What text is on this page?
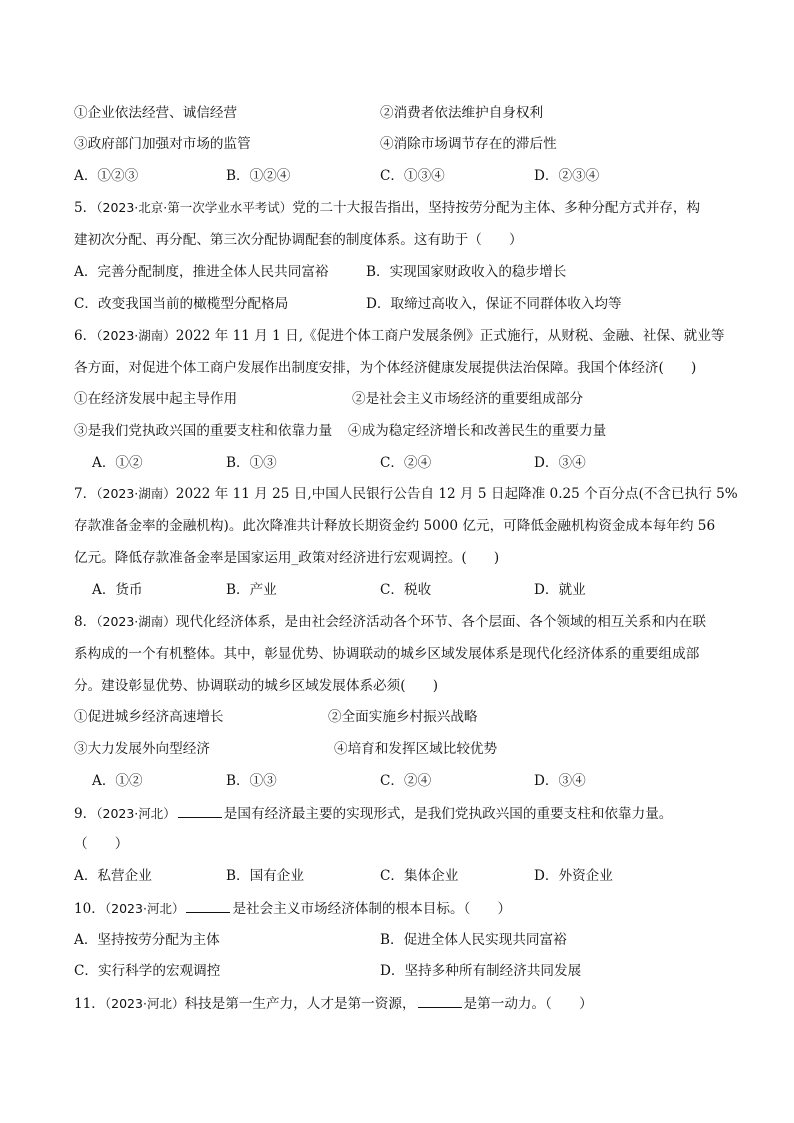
①企业依法经营、诚信经营	②消费者依法维护自身权利
③政府部门加强对市场的监管	④消除市场调节存在的滞后性
A．①②③	B．①②④	C．①③④	D．②③④
5．（2023·北京·第一次学业水平考试）党的二十大报告指出，坚持按劳分配为主体、多种分配方式并存，构
建初次分配、再分配、第三次分配协调配套的制度体系。这有助于（　　）
A．完善分配制度，推进全体人民共同富裕	B．实现国家财政收入的稳步增长
C．改变我国当前的橄榄型分配格局	D．取缔过高收入，保证不同群体收入均等
6．（2023·湖南）2022 年 11 月 1 日,《促进个体工商户发展条例》正式施行，从财税、金融、社保、就业等
各方面，对促进个体工商户发展作出制度安排，为个体经济健康发展提供法治保障。我国个体经济(　　)
①在经济发展中起主导作用	②是社会主义市场经济的重要组成部分
③是我们党执政兴国的重要支柱和依靠力量 ④成为稳定经济增长和改善民生的重要力量
A．①②	B．①③	C．②④	D．③④
7．（2023·湖南）2022 年 11 月 25 日,中国人民银行公告自 12 月 5 日起降准 0.25 个百分点(不含已执行 5%
存款准备金率的金融机构)。此次降准共计释放长期资金约 5000 亿元，可降低金融机构资金成本每年约 56
亿元。降低存款准备金率是国家运用_政策对经济进行宏观调控。(　　)
A．货币	B．产业	C．税收	D．就业
8．（2023·湖南）现代化经济体系，是由社会经济活动各个环节、各个层面、各个领域的相互关系和内在联
系构成的一个有机整体。其中，彰显优势、协调联动的城乡区域发展体系是现代化经济体系的重要组成部
分。建设彰显优势、协调联动的城乡区域发展体系必须(　　)
①促进城乡经济高速增长	②全面实施乡村振兴战略
③大力发展外向型经济	④培育和发挥区域比较优势
A．①②	B．①③	C．②④	D．③④
9．（2023·河北）	是国有经济最主要的实现形式，是我们党执政兴国的重要支柱和依靠力量。
（　　）
A．私营企业	B．国有企业	C．集体企业	D．外资企业
10．（2023·河北）	是社会主义市场经济体制的根本目标。（　　）
A．坚持按劳分配为主体	B．促进全体人民实现共同富裕
C．实行科学的宏观调控	D．坚持多种所有制经济共同发展
11．（2023·河北）科技是第一生产力，人才是第一资源，	是第一动力。（　　）
